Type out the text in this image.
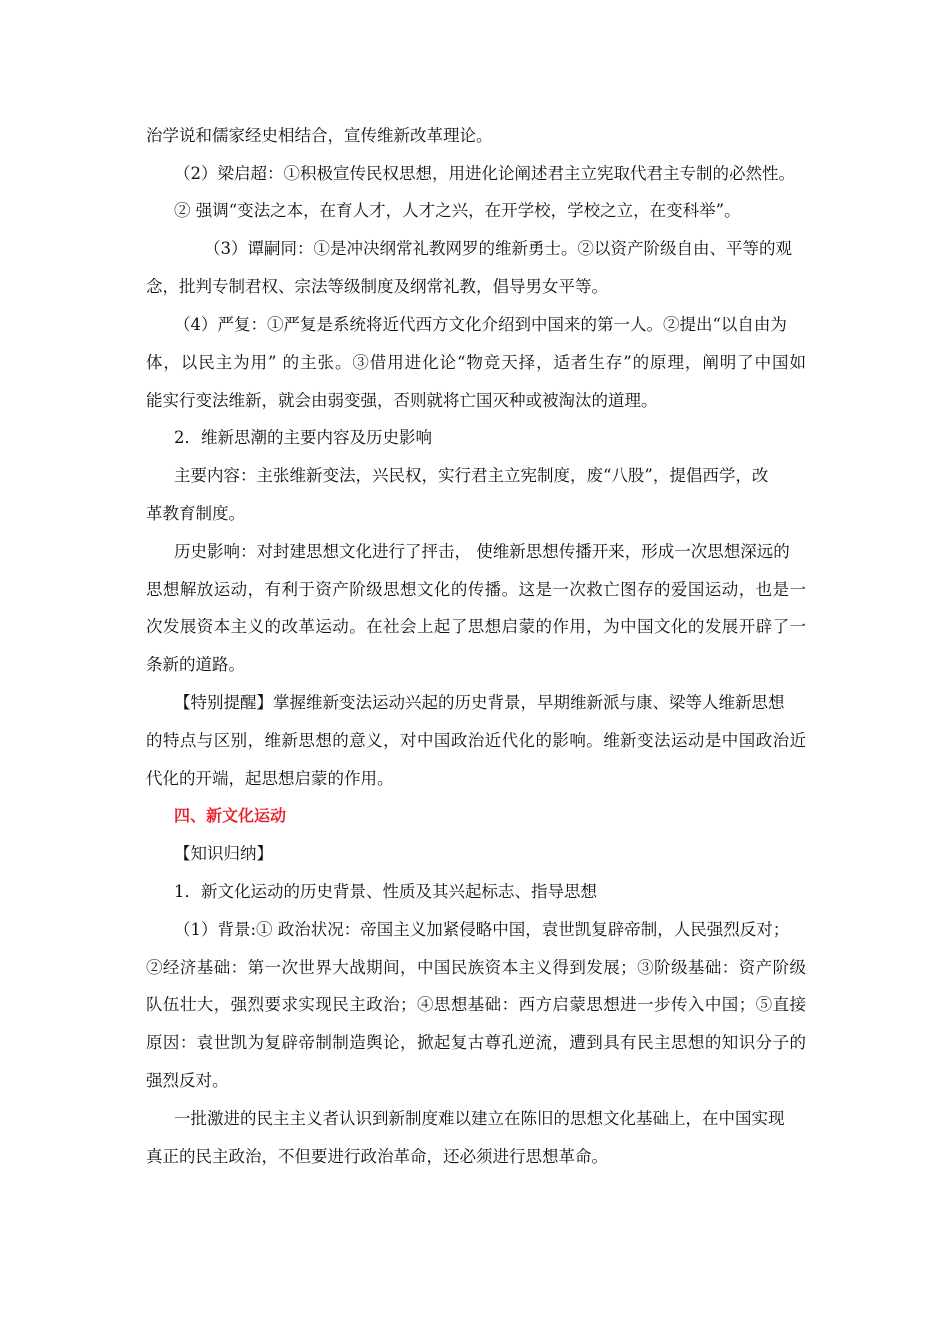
治学说和儒家经史相结合，宣传维新改革理论。
（2）梁启超：①积极宣传民权思想，用进化论阐述君主立宪取代君主专制的必然性。
② 强调“变法之本，在育人才，人才之兴，在开学校，学校之立，在变科举”。
（3）谭嗣同：①是冲决纲常礼教网罗的维新勇士。②以资产阶级自由、平等的观
念，批判专制君权、宗法等级制度及纲常礼教，倡导男女平等。
（4）严复：①严复是系统将近代西方文化介绍到中国来的第一人。②提出“以自由为
体，以民主为用” 的主张。③借用进化论“物竞天择，适者生存”的原理，阐明了中国如
能实行变法维新，就会由弱变强，否则就将亡国灭种或被淘汰的道理。
2．维新思潮的主要内容及历史影响
主要内容：主张维新变法，兴民权，实行君主立宪制度，废“八股”，提倡西学，改
革教育制度。
历史影响：对封建思想文化进行了抨击， 使维新思想传播开来，形成一次思想深远的
思想解放运动，有利于资产阶级思想文化的传播。这是一次救亡图存的爱国运动，也是一
次发展资本主义的改革运动。在社会上起了思想启蒙的作用，为中国文化的发展开辟了一
条新的道路。
【特别提醒】掌握维新变法运动兴起的历史背景，早期维新派与康、梁等人维新思想
的特点与区别，维新思想的意义，对中国政治近代化的影响。维新变法运动是中国政治近
代化的开端，起思想启蒙的作用。
四、新文化运动
【知识归纳】
1．新文化运动的历史背景、性质及其兴起标志、指导思想
（1）背景:① 政治状况：帝国主义加紧侵略中国，袁世凯复辟帝制，人民强烈反对；
②经济基础：第一次世界大战期间，中国民族资本主义得到发展；③阶级基础：资产阶级
队伍壮大，强烈要求实现民主政治；④思想基础：西方启蒙思想进一步传入中国；⑤直接
原因：袁世凯为复辟帝制制造舆论，掀起复古尊孔逆流，遭到具有民主思想的知识分子的
强烈反对。
一批激进的民主主义者认识到新制度难以建立在陈旧的思想文化基础上，在中国实现
真正的民主政治，不但要进行政治革命，还必须进行思想革命。
